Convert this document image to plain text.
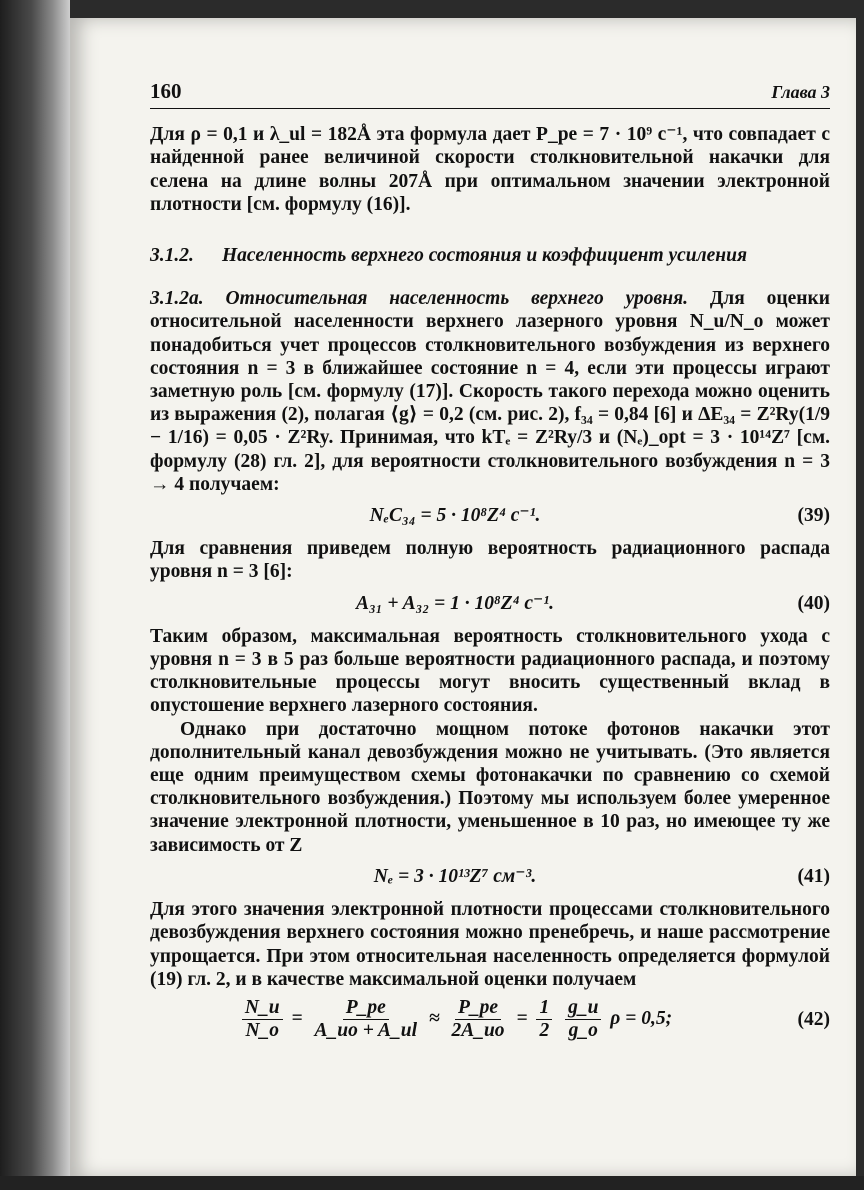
160	Глава 3

Для ρ = 0,1 и λ_ul = 182Å эта формула дает P_pe = 7 · 10⁹ с⁻¹, что совпадает с найденной ранее величиной скорости столкновительной накачки для селена на длине волны 207Å при оптимальном значении электронной плотности [см. формулу (16)].

3.1.2.	Населенность верхнего состояния и коэффициент усиления

3.1.2a. Относительная населенность верхнего уровня. Для оценки относительной населенности верхнего лазерного уровня N_u/N_o может понадобиться учет процессов столкновительного возбуждения из верхнего состояния n = 3 в ближайшее состояние n = 4, если эти процессы играют заметную роль [см. формулу (17)]. Скорость такого перехода можно оценить из выражения (2), полагая ⟨g⟩ = 0,2 (см. рис. 2), f₃₄ = 0,84 [6] и ΔE₃₄ = Z²Ry(1/9 − 1/16) = 0,05 · Z²Ry. Принимая, что kTₑ = Z²Ry/3 и (Nₑ)_opt = 3 · 10¹⁴Z⁷ [см. формулу (28) гл. 2], для вероятности столкновительного возбуждения n = 3 → 4 получаем:

NₑC₃₄ = 5 · 10⁸Z⁴ с⁻¹.	(39)

Для сравнения приведем полную вероятность радиационного распада уровня n = 3 [6]:

A₃₁ + A₃₂ = 1 · 10⁸Z⁴ с⁻¹.	(40)

Таким образом, максимальная вероятность столкновительного ухода с уровня n = 3 в 5 раз больше вероятности радиационного распада, и поэтому столкновительные процессы могут вносить существенный вклад в опустошение верхнего лазерного состояния.

Однако при достаточно мощном потоке фотонов накачки этот дополнительный канал девозбуждения можно не учитывать. (Это является еще одним преимуществом схемы фотонакачки по сравнению со схемой столкновительного возбуждения.) Поэтому мы используем более умеренное значение электронной плотности, уменьшенное в 10 раз, но имеющее ту же зависимость от Z

Nₑ = 3 · 10¹³Z⁷ см⁻³.	(41)

Для этого значения электронной плотности процессами столкновительного девозбуждения верхнего состояния можно пренебречь, и наше рассмотрение упрощается. При этом относительная населенность определяется формулой (19) гл. 2, и в качестве максимальной оценки получаем

$\frac{N\_u}{N\_o} = \frac{P\_pe}{A\_uo + A\_ul} \approx \frac{P\_pe}{2A\_uo} = \frac{1}{2}$
$\frac{g\_u}{g\_o}$ ρ = 0,5;	(42)
